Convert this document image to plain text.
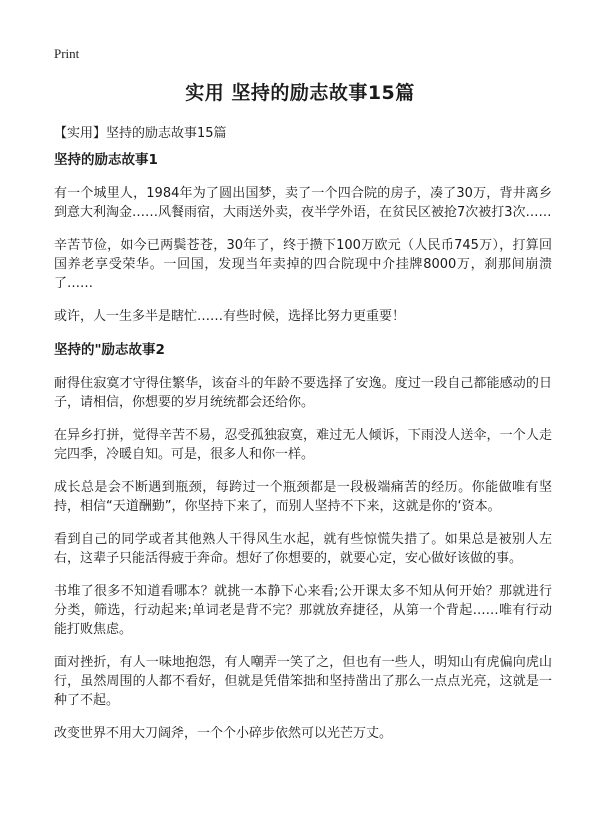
Print
实用 坚持的励志故事15篇
【实用】坚持的励志故事15篇
坚持的励志故事1

有一个城里人，1984年为了圆出国梦，卖了一个四合院的房子，凑了30万，背井离乡到意大利淘金……风餐雨宿，大雨送外卖，夜半学外语，在贫民区被抢7次被打3次……

辛苦节俭，如今已两鬓苍苍，30年了，终于攒下100万欧元（人民币745万），打算回国养老享受荣华。一回国，发现当年卖掉的四合院现中介挂牌8000万，刹那间崩溃了……

或许，人一生多半是瞎忙……有些时候，选择比努力更重要！

坚持的"励志故事2

耐得住寂寞才守得住繁华，该奋斗的年龄不要选择了安逸。度过一段自己都能感动的日子，请相信，你想要的岁月统统都会还给你。

在异乡打拼，觉得辛苦不易，忍受孤独寂寞，难过无人倾诉，下雨没人送伞，一个人走完四季，冷暖自知。可是，很多人和你一样。

成长总是会不断遇到瓶颈，每跨过一个瓶颈都是一段极端痛苦的经历。你能做唯有坚持，相信“天道酬勤”，你坚持下来了，而别人坚持不下来，这就是你的‘资本。

看到自己的同学或者其他熟人干得风生水起，就有些惊慌失措了。如果总是被别人左右，这辈子只能活得疲于奔命。想好了你想要的，就要心定，安心做好该做的事。

书堆了很多不知道看哪本？就挑一本静下心来看;公开课太多不知从何开始？那就进行分类，筛选，行动起来;单词老是背不完？那就放弃捷径，从第一个背起……唯有行动能打败焦虑。

面对挫折，有人一味地抱怨，有人嘲弄一笑了之，但也有一些人，明知山有虎偏向虎山行，虽然周围的人都不看好，但就是凭借笨拙和坚持凿出了那么一点点光亮，这就是一种了不起。

改变世界不用大刀阔斧，一个个小碎步依然可以光芒万丈。
